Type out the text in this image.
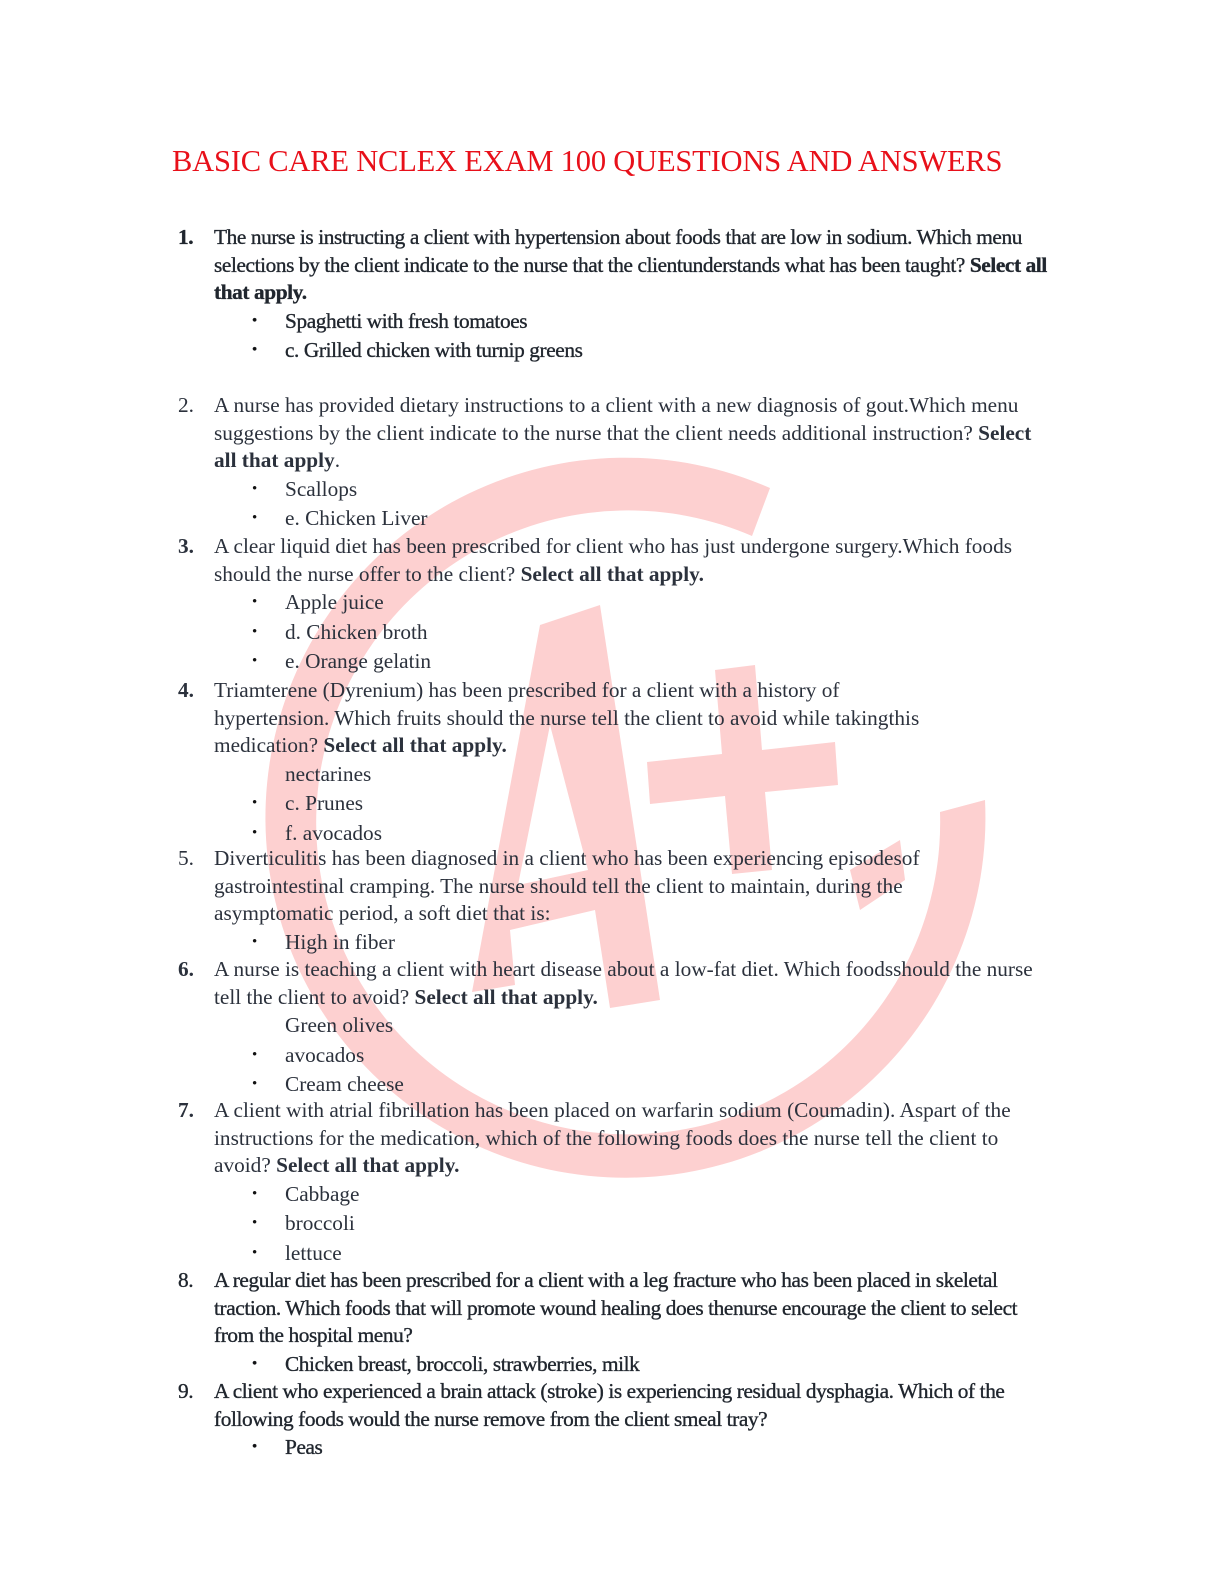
BASIC CARE NCLEX EXAM 100 QUESTIONS AND ANSWERS
1. The nurse is instructing a client with hypertension about foods that are low in sodium. Which menu selections by the client indicate to the nurse that the clientunderstands what has been taught? Select all that apply.
• Spaghetti with fresh tomatoes
• c. Grilled chicken with turnip greens
2. A nurse has provided dietary instructions to a client with a new diagnosis of gout.Which menu suggestions by the client indicate to the nurse that the client needs additional instruction? Select all that apply.
• Scallops
• e. Chicken Liver
3. A clear liquid diet has been prescribed for client who has just undergone surgery.Which foods should the nurse offer to the client? Select all that apply.
• Apple juice
• d. Chicken broth
• e. Orange gelatin
4. Triamterene (Dyrenium) has been prescribed for a client with a history of hypertension. Which fruits should the nurse tell the client to avoid while takingthis medication? Select all that apply.
nectarines
• c. Prunes
• f. avocados
5. Diverticulitis has been diagnosed in a client who has been experiencing episodesof gastrointestinal cramping. The nurse should tell the client to maintain, during the asymptomatic period, a soft diet that is:
• High in fiber
6. A nurse is teaching a client with heart disease about a low-fat diet. Which foodsshould the nurse tell the client to avoid? Select all that apply.
Green olives
• avocados
• Cream cheese
7. A client with atrial fibrillation has been placed on warfarin sodium (Coumadin). Aspart of the instructions for the medication, which of the following foods does the nurse tell the client to avoid? Select all that apply.
• Cabbage
• broccoli
• lettuce
8. A regular diet has been prescribed for a client with a leg fracture who has been placed in skeletal traction. Which foods that will promote wound healing does thenurse encourage the client to select from the hospital menu?
• Chicken breast, broccoli, strawberries, milk
9. A client who experienced a brain attack (stroke) is experiencing residual dysphagia. Which of the following foods would the nurse remove from the client smeal tray?
• Peas
